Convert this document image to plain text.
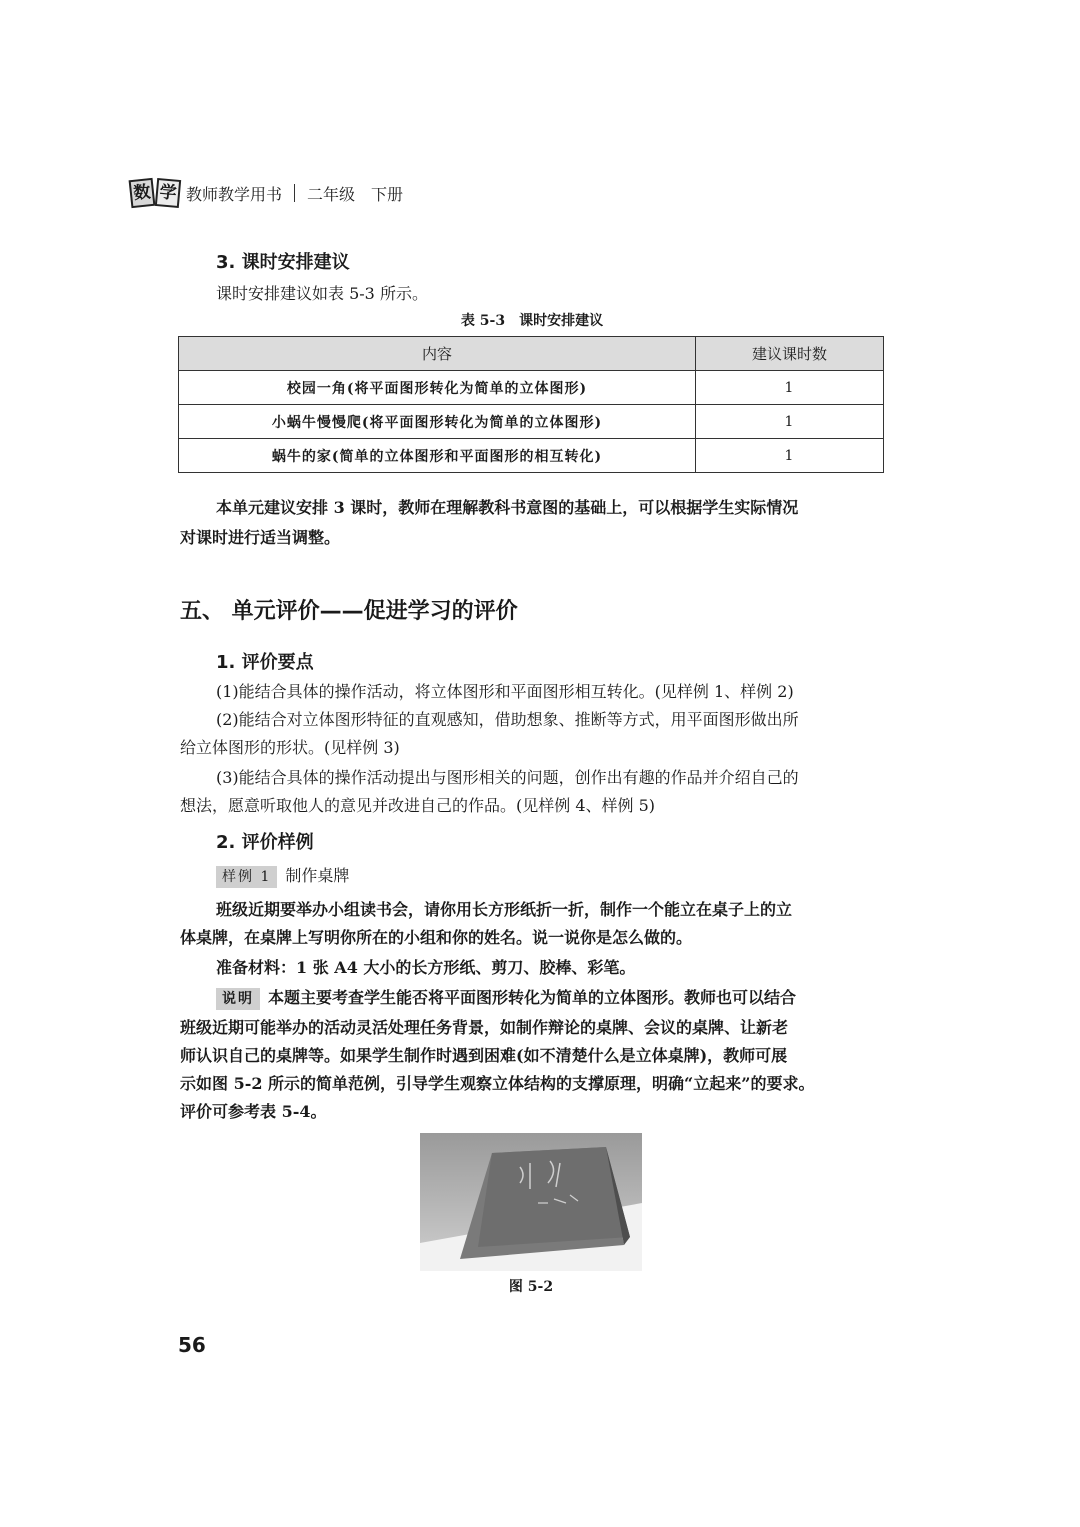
数 学 教师教学用书 二年级 下册
3. 课时安排建议
课时安排建议如表 5-3 所示。
表 5-3　课时安排建议
内容	建议课时数
校园一角(将平面图形转化为简单的立体图形)	1
小蜗牛慢慢爬(将平面图形转化为简单的立体图形)	1
蜗牛的家(简单的立体图形和平面图形的相互转化)	1
本单元建议安排 3 课时，教师在理解教科书意图的基础上，可以根据学生实际情况
对课时进行适当调整。
五、 单元评价——促进学习的评价
1. 评价要点
(1)能结合具体的操作活动，将立体图形和平面图形相互转化。(见样例 1、样例 2)
(2)能结合对立体图形特征的直观感知，借助想象、推断等方式，用平面图形做出所
给立体图形的形状。(见样例 3)
(3)能结合具体的操作活动提出与图形相关的问题，创作出有趣的作品并介绍自己的
想法，愿意听取他人的意见并改进自己的作品。(见样例 4、样例 5)
2. 评价样例
样例 1 制作桌牌
班级近期要举办小组读书会，请你用长方形纸折一折，制作一个能立在桌子上的立
体桌牌，在桌牌上写明你所在的小组和你的姓名。说一说你是怎么做的。
准备材料：1 张 A4 大小的长方形纸、剪刀、胶棒、彩笔。
说明 本题主要考查学生能否将平面图形转化为简单的立体图形。教师也可以结合
班级近期可能举办的活动灵活处理任务背景，如制作辩论的桌牌、会议的桌牌、让新老
师认识自己的桌牌等。如果学生制作时遇到困难(如不清楚什么是立体桌牌)，教师可展
示如图 5-2 所示的简单范例，引导学生观察立体结构的支撑原理，明确“立起来”的要求。
评价可参考表 5-4。
图 5-2
56
